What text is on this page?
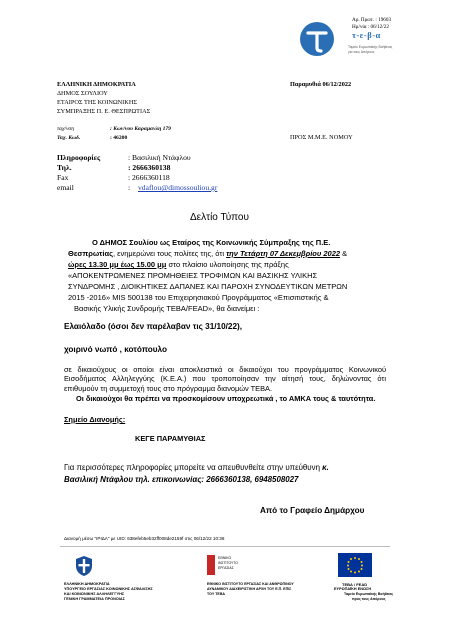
Αρ. Πρωτ. : 19603
Ημ/νία : 06/12/22
τ-ε-β-α
Ταμείο Ευρωπαϊκής Βοήθειας
για τους Απόρους
ΕΛΛΗΝΙΚΗ ΔΗΜΟΚΡΑΤΙΑ
ΔΗΜΟΣ ΣΟΥΛΙΟΥ
ΕΤΑΙΡΟΣ ΤΗΣ ΚΟΙΝΩΝΙΚΗΣ
ΣΥΜΠΡΑΞΗΣ Π. Ε. ΘΕΣΠΡΩΤΙΑΣ
Παραμυθιά 06/12/2022
ταχ/νση	: Κων/νου Καραμανλη 179
Ταχ. Κωδ.	: 46200	ΠΡΟΣ Μ.Μ.Ε. ΝΟΜΟΥ
Πληροφορίες	: Βασιλική Ντάφλου
Τηλ.	: 2666360138
Fax	: 2666360118
email	: vdaflou@dimossouliou.gr
Δελτίο Τύπου
Ο ΔΗΜΟΣ Σουλίου ως Εταίρος της Κοινωνικής Σύμπραξης της Π.Ε.
Θεσπρωτίας, ενημερώνει τους πολίτες της, ότι την Τετάρτη 07 Δεκεμβρίου 2022 &
ώρες 13.30 μμ έως 15.00 μμ στο πλαίσιο υλοποίησης της πράξης
«ΑΠΟΚΕΝΤΡΩΜΕΝΕΣ ΠΡΟΜΗΘΕΙΕΣ ΤΡΟΦΙΜΩΝ ΚΑΙ ΒΑΣΙΚΗΣ ΥΛΙΚΗΣ
ΣΥΝΔΡΟΜΗΣ , ΔΙΟΙΚΗΤΙΚΕΣ ΔΑΠΑΝΕΣ ΚΑΙ ΠΑΡΟΧΗ ΣΥΝΟΔΕΥΤΙΚΩΝ ΜΕΤΡΩΝ
2015 -2016» MIS 500138 του Επιχειρησιακού Προγράμματος «Επισιτιστικής &
Βασικής Υλικής Συνδρομής ΤΕΒΑ/FEAD», θα διανείμει :
Ελαιόλαδο (όσοι δεν παρέλαβαν τις 31/10/22),
χοιρινό νωπό , κοτόπουλο
σε δικαιούχους οι οποίοι είναι αποκλειστικά οι δικαιούχοι του προγράμματος Κοινωνικού Εισοδήματος Αλληλεγγύης (Κ.Ε.Α.) που τροποποίησαν την αίτησή τους, δηλώνοντας ότι επιθυμούν τη συμμετοχή τους στο πρόγραμμα διανομών ΤΕΒΑ.
Οι δικαιούχοι θα πρέπει να προσκομίσουν υποχρεωτικά , το ΑΜΚΑ τους & ταυτότητα.
Σημείο Διανομής:
ΚΕΓΕ ΠΑΡΑΜΥΘΙΑΣ
Για περισσότερες πληροφορίες μπορείτε να απευθυνθείτε στην υπεύθυνη κ.
Βασιλική Ντάφλου τηλ. επικοινωνίας: 2666360138, 6948508027
Από το Γραφείο Δημάρχου
Διανομή μέσω "ΙΡΙΔΑ" με UID: 638efeb5eb32ff008de2159f στις 06/12/22 10:38
ΕΛΛΗΝΙΚΗ ΔΗΜΟΚΡΑΤΙΑ
ΥΠΟΥΡΓΕΙΟ ΕΡΓΑΣΙΑΣ ΚΟΙΝΩΝΙΚΗΣ ΑΣΦΑΛΙΣΗΣ
ΚΑΙ ΚΟΙΝΩΝΙΚΗΣ ΑΛΛΗΛΕΓΓΥΗΣ
ΓΕΝΙΚΗ ΓΡΑΜΜΑΤΕΙΑ ΠΡΟΝΟΙΑΣ
ΕΘΝΙΚΟ
ΙΝΣΤΙΤΟΥΤΟ
ΕΡΓΑΣΙΑΣ
ΕΘΝΙΚΟ ΙΝΣΤΙΤΟΥΤΟ ΕΡΓΑΣΙΑΣ ΚΑΙ ΑΝΘΡΩΠΙΝΟΥ
ΔΥΝΑΜΙΚΟΥ ΔΙΑΧΕΙΡΙΣΤΙΚΗ ΑΡΧΗ ΤΟΥ Ε.Π. ΕΠΙΣ
ΤΟΥ ΤΕΒΑ
ΤΕΒΑ / FEAD
ΕΥΡΩΠΑΪΚΗ ΕΝΩΣΗ
Ταμείο Ευρωπαϊκής Βοήθειας
προς τους Απόρους
